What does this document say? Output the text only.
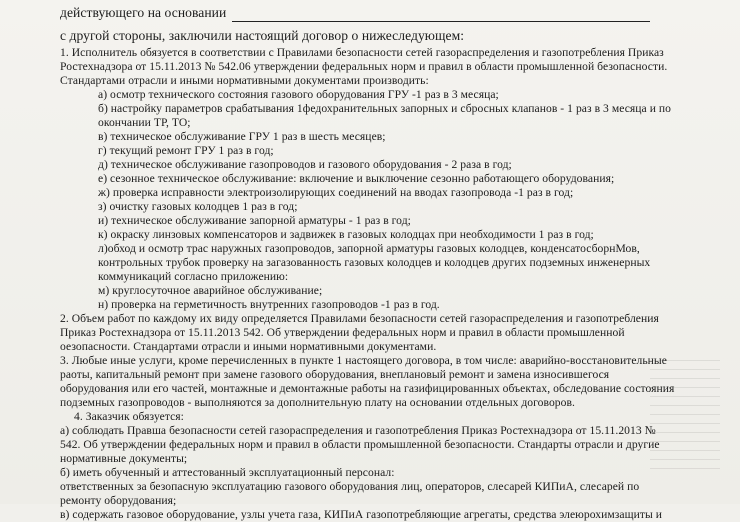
действующего на основании
с другой стороны, заключили настоящий договор о нижеследующем:
1. Исполнитель обязуется в соответствии с Правилами безопасности сетей газораспределения и газопотребления Приказ
Ростехнадзора от 15.11.2013 № 542.06 утверждении федеральных норм и правил в области промышленной безопасности.
Стандартами отрасли и иными нормативными документами производить:
а) осмотр технического состояния газового оборудования ГРУ -1 раз в 3 месяца;
б) настройку параметров срабатывания 1федохранительных запорных и сбросных клапанов - 1 раз в 3 месяца и по
окончании ТР, ТО;
в) техническое обслуживание ГРУ 1 раз в шесть месяцев;
г) текущий ремонт ГРУ 1 раз в год;
д) техническое обслуживание газопроводов и газового оборудования - 2 раза в год;
е) сезонное техническое обслуживание: включение и выключение сезонно работающего оборудования;
ж) проверка исправности электроизолирующих соединений на вводах газопровода -1 раз в год;
з) очистку газовых колодцев 1 раз в год;
и) техническое обслуживание запорной арматуры - 1 раз в год;
к) окраску линзовых компенсаторов и задвижек в газовых колодцах при необходимости 1 раз в год;
л)обход и осмотр трас наружных газопроводов, запорной арматуры газовых колодцев, конденсатосборнМов,
контрольных трубок проверку на загазованность газовых колодцев и колодцев других подземных инженерных
коммуникаций согласно приложению:
м) круглосуточное аварийное обслуживание;
н) проверка на герметичность внутренних газопроводов -1 раз в год.
2. Объем работ по каждому их виду определяется Правилами безопасности сетей газораспределения и газопотребления
Приказ Ростехнадзора от 15.11.2013 542. Об утверждении федеральных норм и правил в области промышленной
оезопасности. Стандартами отрасли и иными нормативными документами.
3. Любые иные услуги, кроме перечисленных в пункте 1 настоящего договора, в том числе: аварийно-восстановительные
раоты, капитальный ремонт при замене газового оборудования, внеплановый ремонт и замена износившегося
оборудования или его частей, монтажные и демонтажные работы на газифицированных объектах, обследование состояния
подземных газопроводов - выполняются за дополнительную плату на основании отдельных договоров.
4. Заказчик обязуется:
а) соблюдать Правша безопасности сетей газораспределения и газопотребления Приказ Ростехнадзора от 15.11.2013 №
542. Об утверждении федеральных норм и правил в области промышленной безопасности. Стандарты отрасли и другие
нормативные документы;
б) иметь обученный и аттестованный эксплуатационный персонал:
ответственных за безопасную эксплуатацию газового оборудования лиц, операторов, слесарей КИПиА, слесарей по
ремонту оборудования;
в) содержать газовое оборудование, узлы учета газа, КИПиА газопотребляющие агрегаты, средства элеюрохимзащиты и
